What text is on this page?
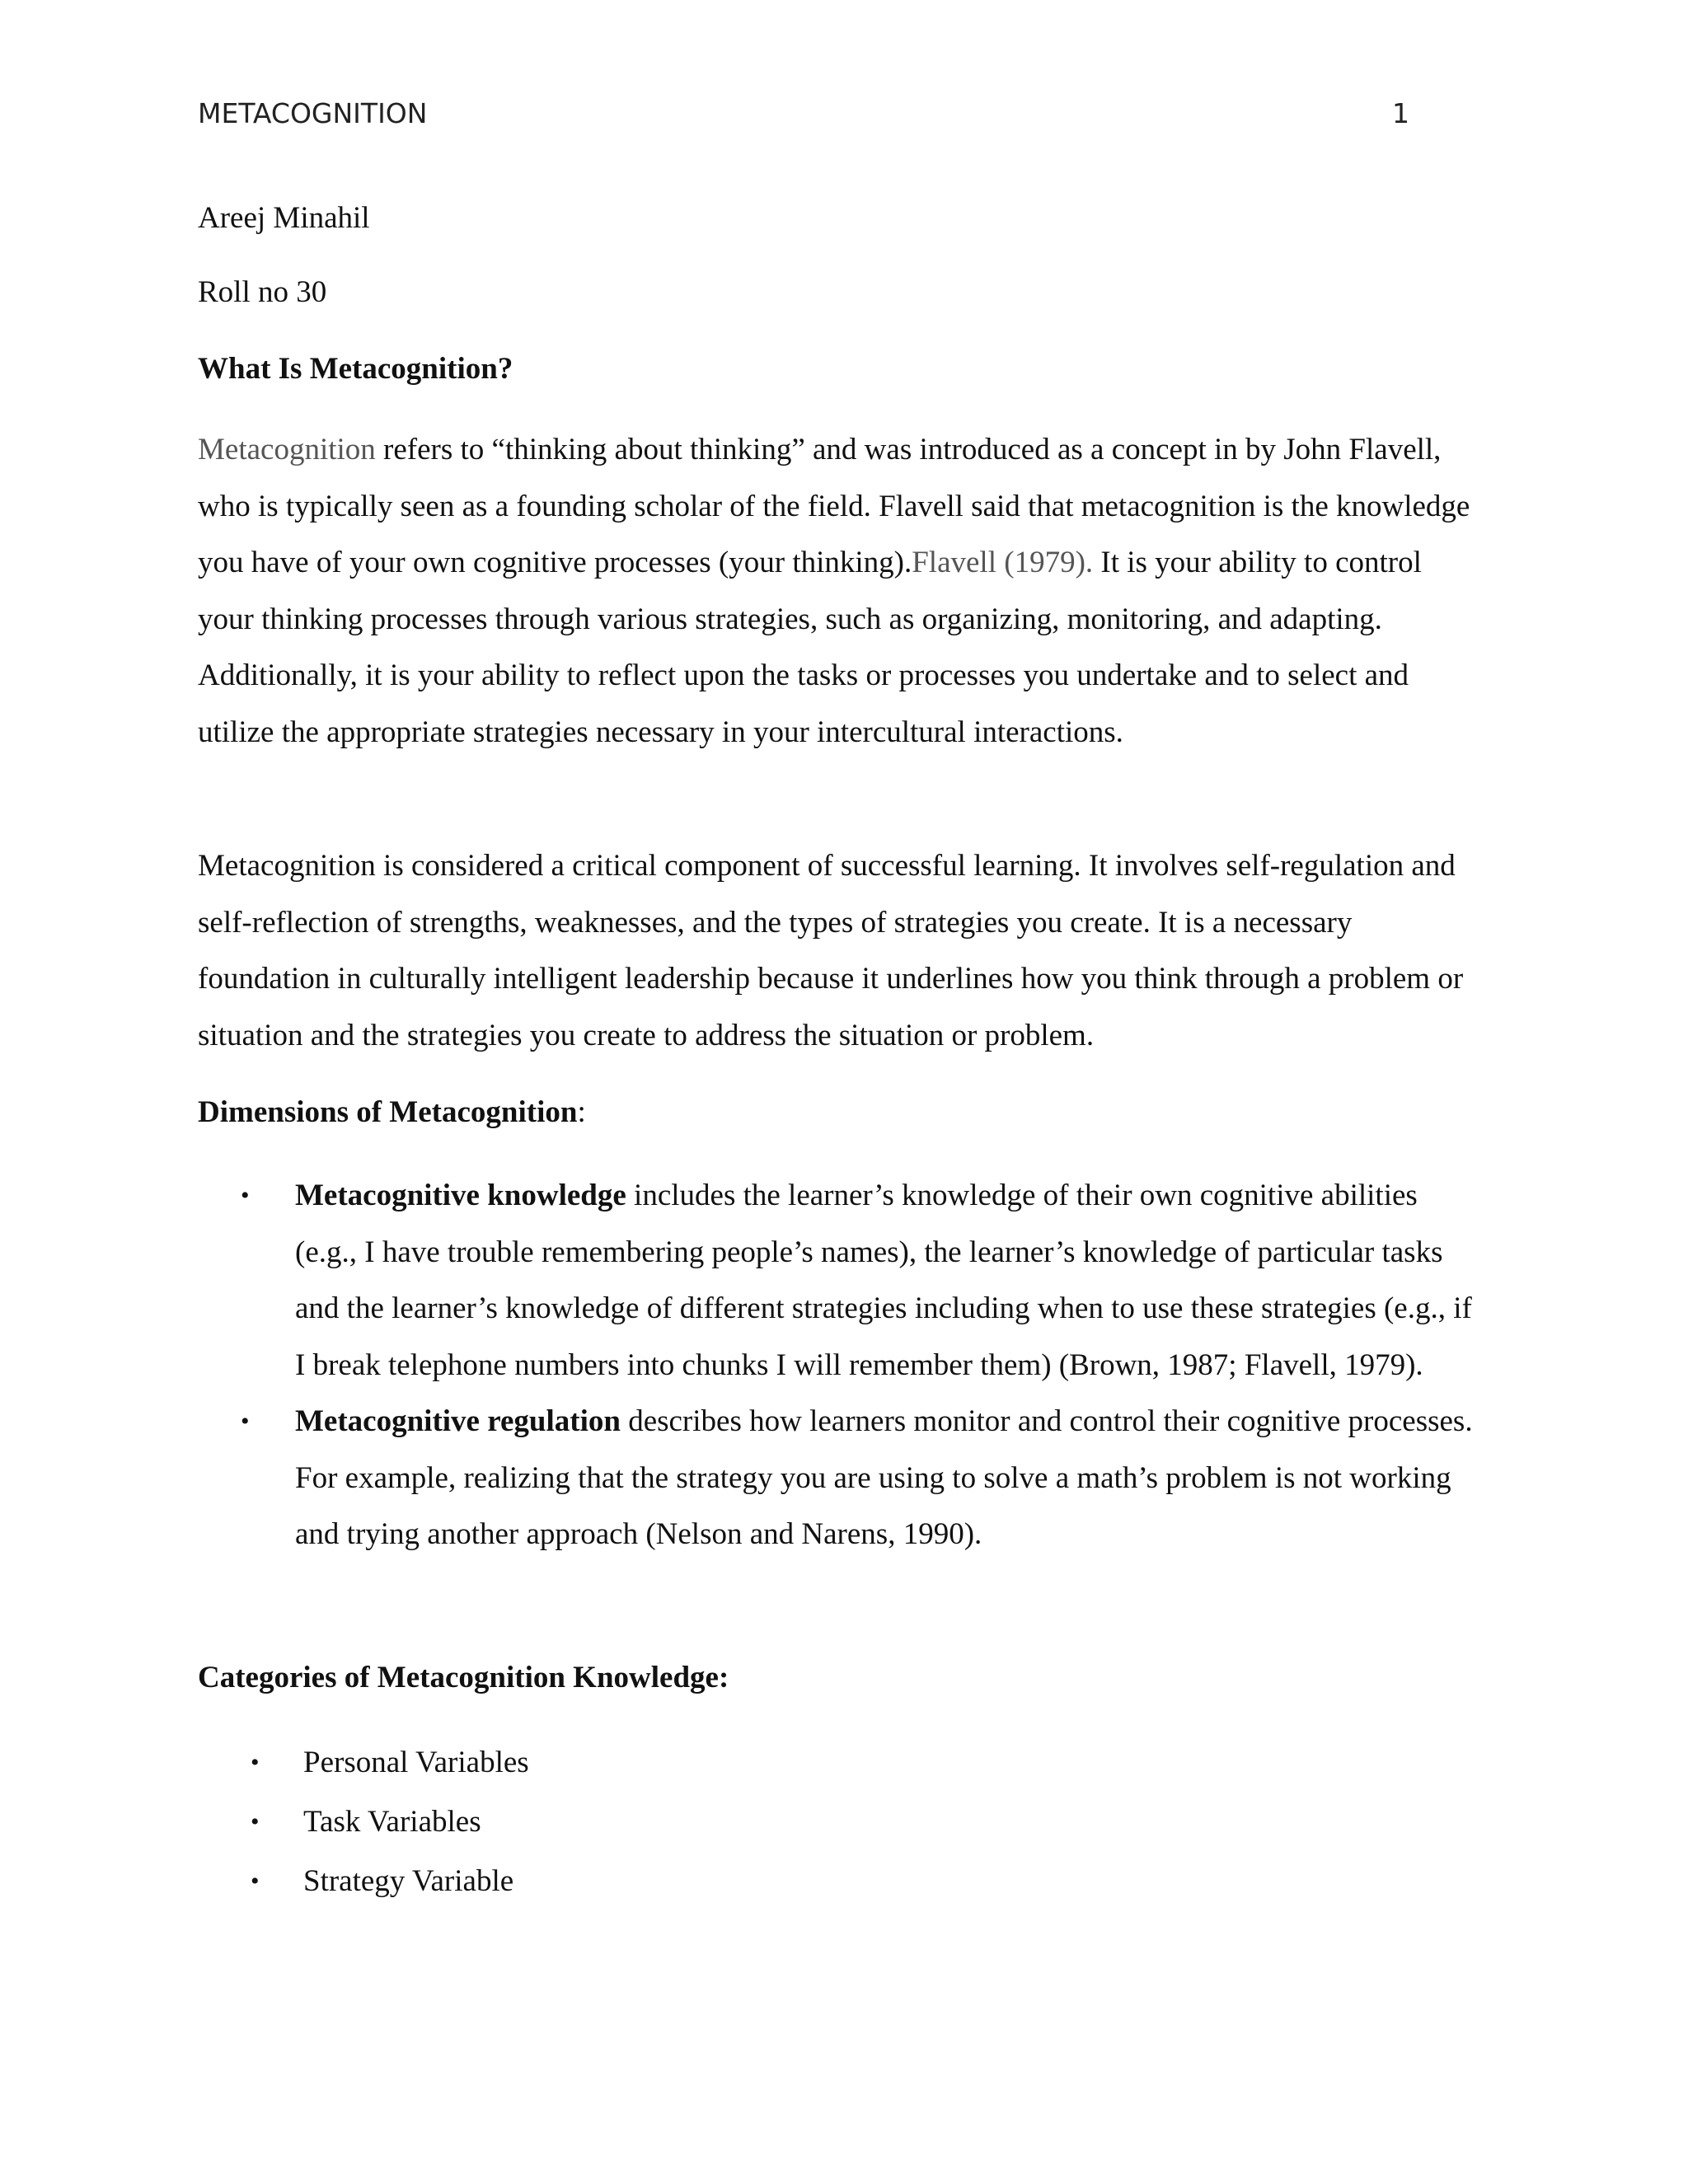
METACOGNITION	1
Areej Minahil
Roll no 30
What Is Metacognition?
Metacognition refers to “thinking about thinking” and was introduced as a concept in by John Flavell, who is typically seen as a founding scholar of the field. Flavell said that metacognition is the knowledge you have of your own cognitive processes (your thinking).Flavell (1979). It is your ability to control your thinking processes through various strategies, such as organizing, monitoring, and adapting. Additionally, it is your ability to reflect upon the tasks or processes you undertake and to select and utilize the appropriate strategies necessary in your intercultural interactions.
Metacognition is considered a critical component of successful learning. It involves self-regulation and self-reflection of strengths, weaknesses, and the types of strategies you create. It is a necessary foundation in culturally intelligent leadership because it underlines how you think through a problem or situation and the strategies you create to address the situation or problem.
Dimensions of Metacognition:
• Metacognitive knowledge includes the learner’s knowledge of their own cognitive abilities (e.g., I have trouble remembering people’s names), the learner’s knowledge of particular tasks and the learner’s knowledge of different strategies including when to use these strategies (e.g., if I break telephone numbers into chunks I will remember them) (Brown, 1987; Flavell, 1979).
• Metacognitive regulation describes how learners monitor and control their cognitive processes. For example, realizing that the strategy you are using to solve a math’s problem is not working and trying another approach (Nelson and Narens, 1990).
Categories of Metacognition Knowledge:
• Personal Variables
• Task Variables
• Strategy Variable
